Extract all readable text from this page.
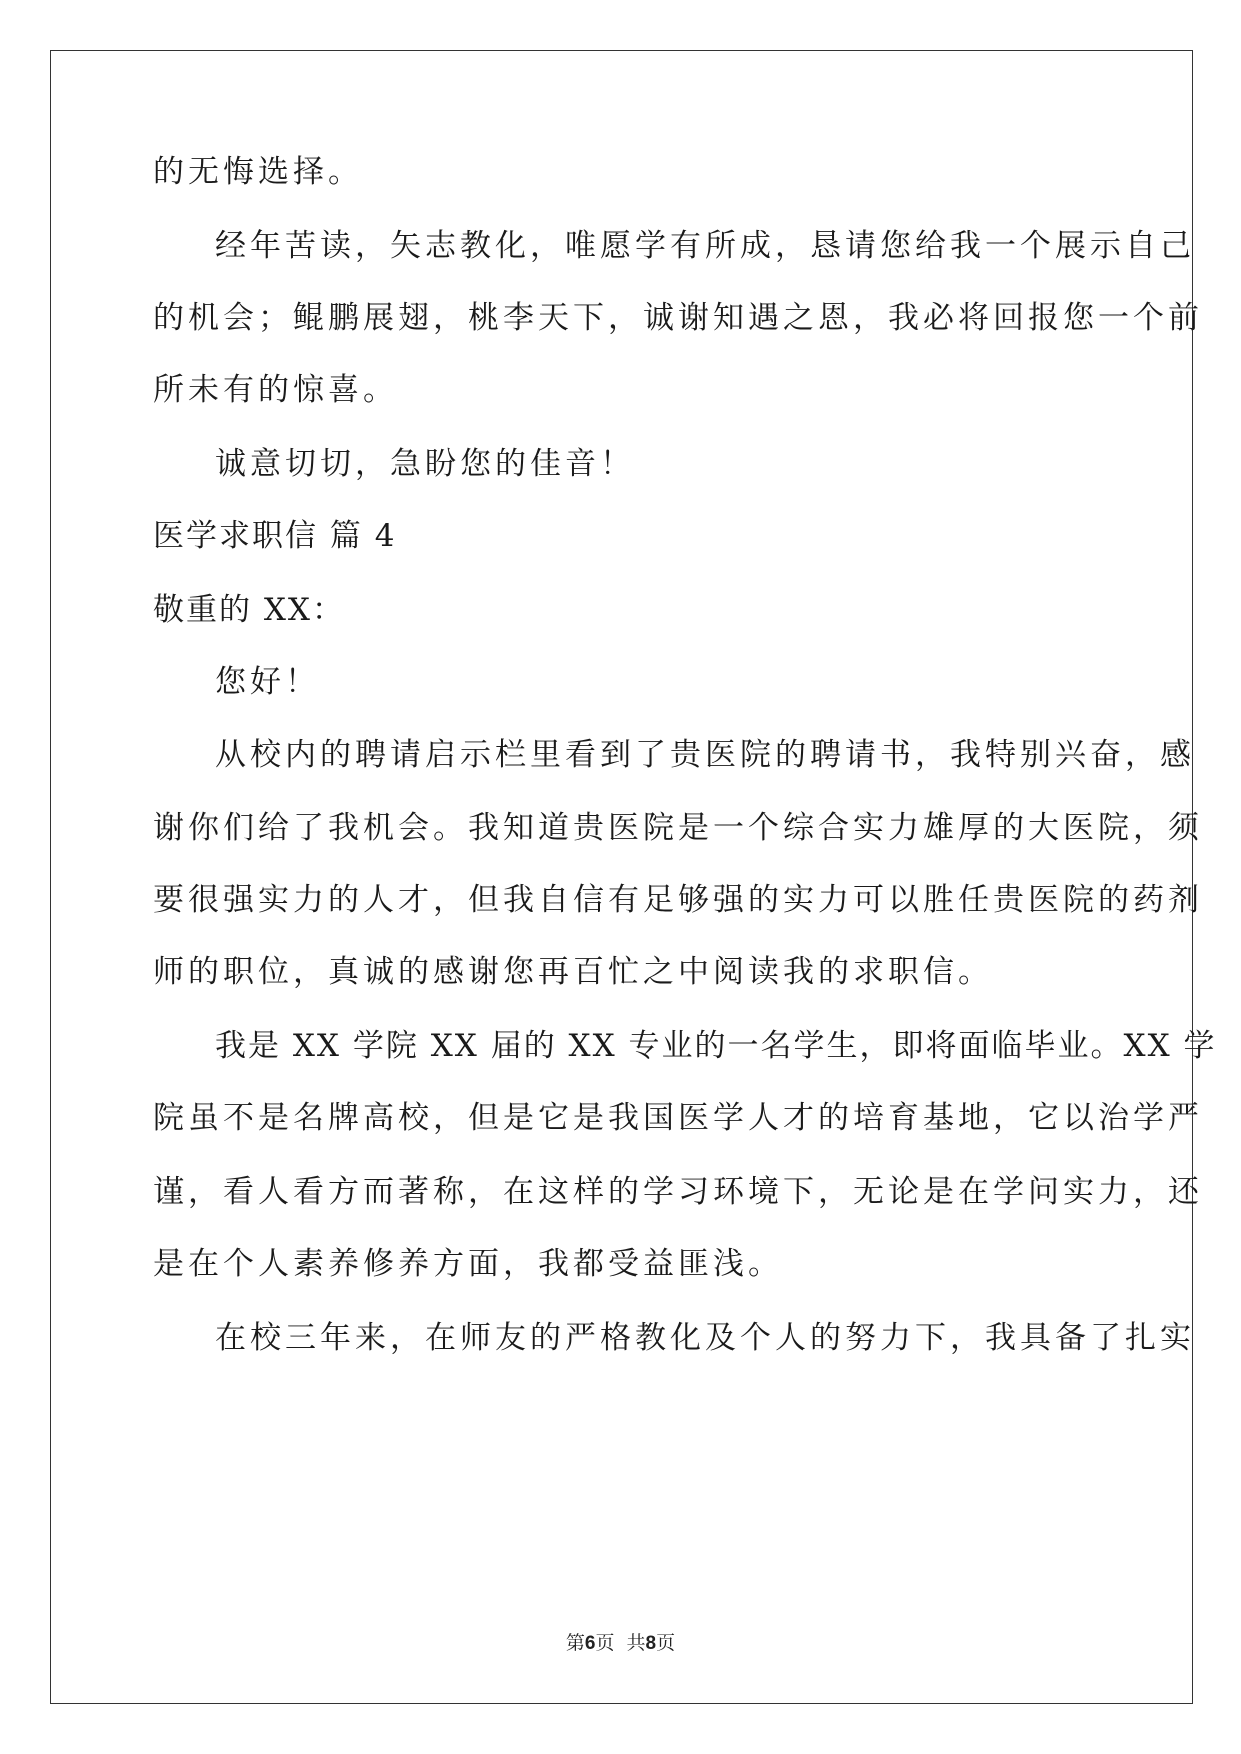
的无悔选择。
经年苦读，矢志教化，唯愿学有所成，恳请您给我一个展示自己
的机会；鲲鹏展翅，桃李天下，诚谢知遇之恩，我必将回报您一个前
所未有的惊喜。
诚意切切，急盼您的佳音！
医学求职信 篇 4
敬重的 XX：
您好！
从校内的聘请启示栏里看到了贵医院的聘请书，我特别兴奋，感
谢你们给了我机会。我知道贵医院是一个综合实力雄厚的大医院，须
要很强实力的人才，但我自信有足够强的实力可以胜任贵医院的药剂
师的职位，真诚的感谢您再百忙之中阅读我的求职信。
我是 XX 学院 XX 届的 XX 专业的一名学生，即将面临毕业。XX 学
院虽不是名牌高校，但是它是我国医学人才的培育基地，它以治学严
谨，看人看方而著称，在这样的学习环境下，无论是在学问实力，还
是在个人素养修养方面，我都受益匪浅。
在校三年来，在师友的严格教化及个人的努力下，我具备了扎实
第6页  共8页
